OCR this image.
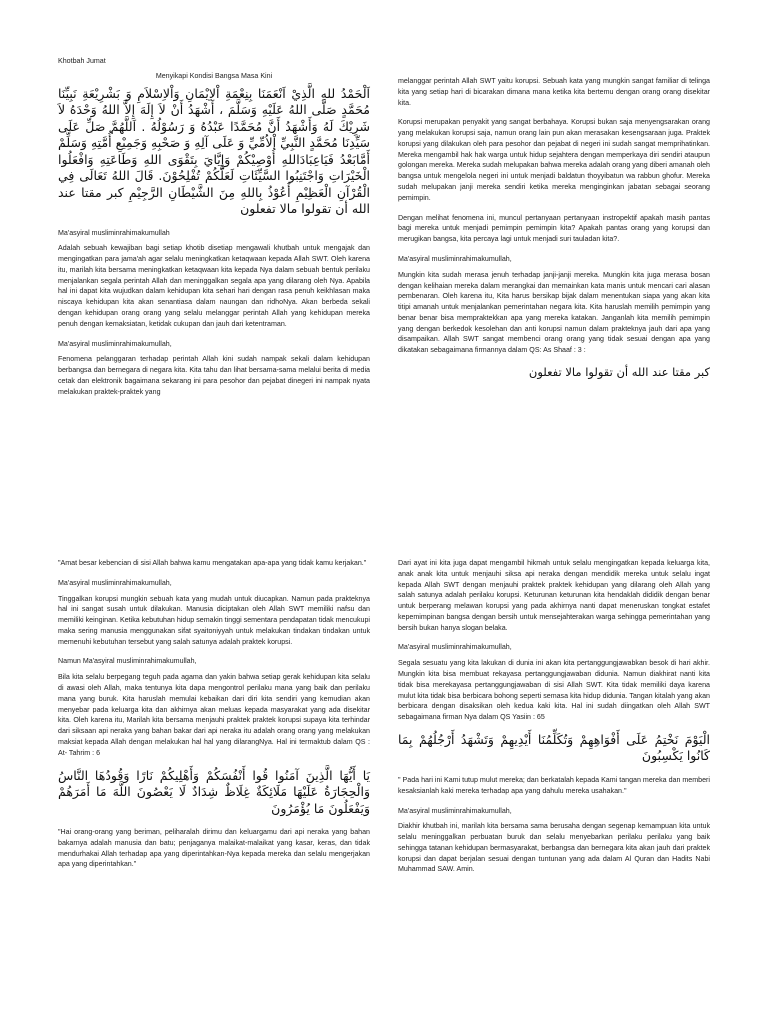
Khotbah Jumat

Menyikapi Kondisi Bangsa Masa Kini

اَلْحَمْدُ للهِ الَّذِيْ اَنْعَمَنَا بِنِعْمَةِ اْلاِيْمَانِ وَاْلاِسْلاَمِ وَ بَشْرِيْعَةِ نَبِيِّنَا مُحَمَّدٍ صَلَّى اللهُ عَلَيْهِ وَسَلَّمَ ، أَشْهَدُ أَنْ لاَ إِلَهَ إِلاَّ اللهُ وَحْدَهُ لاَ شَرِيْكَ لَهُ وَأَشْهَدُ أَنَّ مُحَمَّدًا عَبْدُهُ وَ رَسُوْلُهُ . اَللَّهُمَّ صَلِّ عَلَى سَيِّدِنَا مُحَمَّدٍ النَّبِيِّ اْلاُمِّيِّ وَ عَلَى آلِهِ وَ صَحْبِهِ وَجَمِيْعِ أُمَّتِهِ وَسَلِّمْ أَمَّابَعْدُ فَيَاعِبَادَاللهِ أُوْصِيْكُمْ وَإِيَّايَ بِتَقْوَى اللهِ وَطَاعَتِهِ وَافْعَلُوا الْخَيْرَاتِ وَاجْتَنِبُوا السَّيِّئَاتِ لَعَلَّكُمْ تُفْلِحُوْنَ. قَالَ اللهُ تَعَالَى فِي الْقُرْآنِ الْعَظِيْمِ أَعُوْذُ بِاللهِ مِنَ الشَّيْطَانِ الرَّجِيْمِ كبر مقتا عند الله أن تقولوا مالا تفعلون

Ma'asyiral musliminrahimakumullah

Adalah sebuah kewajiban bagi setiap khotib disetiap mengawali khutbah untuk mengajak dan mengingatkan para jama'ah agar selalu meningkatkan ketaqwaan kepada Allah SWT. Oleh karena itu, marilah kita bersama meningkatkan ketaqwaan kita kepada Nya dalam sebuah bentuk perilaku menjalankan segala perintah Allah dan meninggalkan segala apa yang dilarang oleh Nya. Apabila hal ini dapat kita wujudkan dalam kehidupan kita sehari hari dengan rasa penuh keikhlasan maka niscaya kehidupan kita akan senantiasa dalam naungan dan ridhoNya. Akan berbeda sekali dengan kehidupan orang orang yang selalu melanggar perintah Allah yang kehidupan mereka penuh dengan kemaksiatan, ketidak cukupan dan jauh dari ketentraman.

Ma'asyiral musliminrahimakumullah,

Fenomena pelanggaran terhadap perintah Allah kini sudah nampak sekali dalam kehidupan berbangsa dan bernegara di negara kita. Kita tahu dan lihat bersama-sama melalui berita di media cetak dan elektronik bagaimana sekarang ini para pesohor dan pejabat dinegeri ini nampak nyata melakukan praktek-praktek yang

melanggar perintah Allah SWT yaitu korupsi. Sebuah kata yang mungkin sangat familiar di telinga kita yang setiap hari di bicarakan dimana mana ketika kita bertemu dengan orang orang disekitar kita.

Korupsi merupakan penyakit yang sangat berbahaya. Korupsi bukan saja menyengsarakan orang yang melakukan korupsi saja, namun orang lain pun akan merasakan kesengsaraan juga. Praktek korupsi yang dilakukan oleh para pesohor dan pejabat di negeri ini sudah sangat memprihatinkan. Mereka mengambil hak hak warga untuk hidup sejahtera dengan memperkaya diri sendiri ataupun golongan mereka. Mereka sudah melupakan bahwa mereka adalah orang yang diberi amanah oleh bangsa untuk mengelola negeri ini untuk menjadi baldatun thoyyibatun wa rabbun ghofur. Mereka sudah melupakan janji mereka sendiri ketika mereka menginginkan jabatan sebagai seorang pemimpin.

Dengan melihat fenomena ini, muncul pertanyaan pertanyaan instropektif apakah masih pantas bagi mereka untuk menjadi pemimpin pemimpin kita? Apakah pantas orang yang korupsi dan merugikan bangsa, kita percaya lagi untuk menjadi suri tauladan kita?.

Ma'asyiral musliminrahimakumullah,

Mungkin kita sudah merasa jenuh terhadap janji-janji mereka. Mungkin kita juga merasa bosan dengan kelihaian mereka dalam merangkai dan memainkan kata manis untuk mencari cari alasan pembenaran. Oleh karena itu, Kita harus bersikap bijak dalam menentukan siapa yang akan kita titipi amanah untuk menjalankan pemerintahan negara kita. Kita haruslah memilih pemimpin yang benar benar bisa mempraktekkan apa yang mereka katakan. Janganlah kita memilih pemimpin yang dengan berkedok kesolehan dan anti korupsi namun dalam prakteknya jauh dari apa yang disampaikan. Allah SWT sangat membenci orang orang yang tidak sesuai dengan apa yang dikatakan sebagaimana firmannya dalam QS: As Shaaf : 3 :

كبر مقتا عند الله أن تقولوا مالا تفعلون

"Amat besar kebencian di sisi Allah bahwa kamu mengatakan apa-apa yang tidak kamu kerjakan."

Ma'asyiral musliminrahimakumullah,

Tinggalkan korupsi mungkin sebuah kata yang mudah untuk diucapkan. Namun pada prakteknya hal ini sangat susah untuk dilakukan. Manusia diciptakan oleh Allah SWT memiliki nafsu dan memiliki keinginan. Ketika kebutuhan hidup semakin tinggi sementara pendapatan tidak mencukupi maka sering manusia menggunakan sifat syaitoniyyah untuk melakukan tindakan tindakan untuk memenuhi kebutuhan tersebut yang salah satunya adalah praktek korupsi.

Namun Ma'asyiral musliminrahimakumullah,

Bila kita selalu berpegang teguh pada agama dan yakin bahwa setiap gerak kehidupan kita selalu di awasi oleh Allah, maka tentunya kita dapa mengontrol perilaku mana yang baik dan perilaku mana yang buruk. Kita haruslah memulai kebaikan dari diri kita sendiri yang kemudian akan menyebar pada keluarga kita dan akhirnya akan meluas kepada masyarakat yang ada disekitar kita. Oleh karena itu, Marilah kita bersama menjauhi praktek praktek korupsi supaya kita terhindar dari siksaan api neraka yang bahan bakar dari api neraka itu adalah orang orang yang melakukan maksiat kepada Allah dengan melakukan hal hal yang dilarangNya. Hal ini termaktub dalam QS : At- Tahrim : 6

يَا أَيُّهَا الَّذِينَ آمَنُوا قُوا أَنْفُسَكُمْ وَأَهْلِيكُمْ نَارًا وَقُودُهَا النَّاسُ وَالْحِجَارَةُ عَلَيْهَا مَلَائِكَةٌ غِلَاظٌ شِدَادٌ لَا يَعْصُونَ اللَّهَ مَا أَمَرَهُمْ وَيَفْعَلُونَ مَا يُؤْمَرُونَ

"Hai orang-orang yang beriman, peliharalah dirimu dan keluargamu dari api neraka yang bahan bakarnya adalah manusia dan batu; penjaganya malaikat-malaikat yang kasar, keras, dan tidak mendurhakai Allah terhadap apa yang diperintahkan-Nya kepada mereka dan selalu mengerjakan apa yang diperintahkan."

Dari ayat ini kita juga dapat mengambil hikmah untuk selalu mengingatkan kepada keluarga kita, anak anak kita untuk menjauhi siksa api neraka dengan mendidik mereka untuk selalu ingat kepada Allah SWT dengan menjauhi praktek praktek kehidupan yang dilarang oleh Allah yang salah satunya adalah perilaku korupsi. Keturunan keturunan kita hendaklah dididik dengan benar untuk berperang melawan korupsi yang pada akhirnya nanti dapat meneruskan tongkat estafet kepemimpinan bangsa dengan bersih untuk mensejahterakan warga sehingga pemerintahan yang bersih bukan hanya slogan belaka.

Ma'asyiral musliminrahimakumullah,

Segala sesuatu yang kita lakukan di dunia ini akan kita pertanggungjawabkan besok di hari akhir. Mungkin kita bisa membuat rekayasa pertanggungjawaban didunia. Namun diakhirat nanti kita tidak bisa merekayasa pertanggungjawaban di sisi Allah SWT. Kita tidak memiliki daya karena mulut kita tidak bisa berbicara bohong seperti semasa kita hidup didunia. Tangan kitalah yang akan berbicara dengan disaksikan oleh kedua kaki kita. Hal ini sudah diingatkan oleh Allah SWT sebagaimana firman Nya dalam QS Yasiin : 65

الْيَوْمَ نَخْتِمُ عَلَى أَفْوَاهِهِمْ وَتُكَلِّمُنَا أَيْدِيهِمْ وَتَشْهَدُ أَرْجُلُهُمْ بِمَا كَانُوا يَكْسِبُونَ

" Pada hari ini Kami tutup mulut mereka; dan berkatalah kepada Kami tangan mereka dan memberi kesaksianlah kaki mereka terhadap apa yang dahulu mereka usahakan."

Ma'asyiral musliminrahimakumullah,

Diakhir khutbah ini, marilah kita bersama sama berusaha dengan segenap kemampuan kita untuk selalu meninggalkan perbuatan buruk dan selalu menyebarkan perilaku perilaku yang baik sehingga tatanan kehidupan bermasyarakat, berbangsa dan bernegara kita akan jauh dari praktek korupsi dan dapat berjalan sesuai dengan tuntunan yang ada dalam Al Quran dan Hadits Nabi Muhammad SAW. Amin.
